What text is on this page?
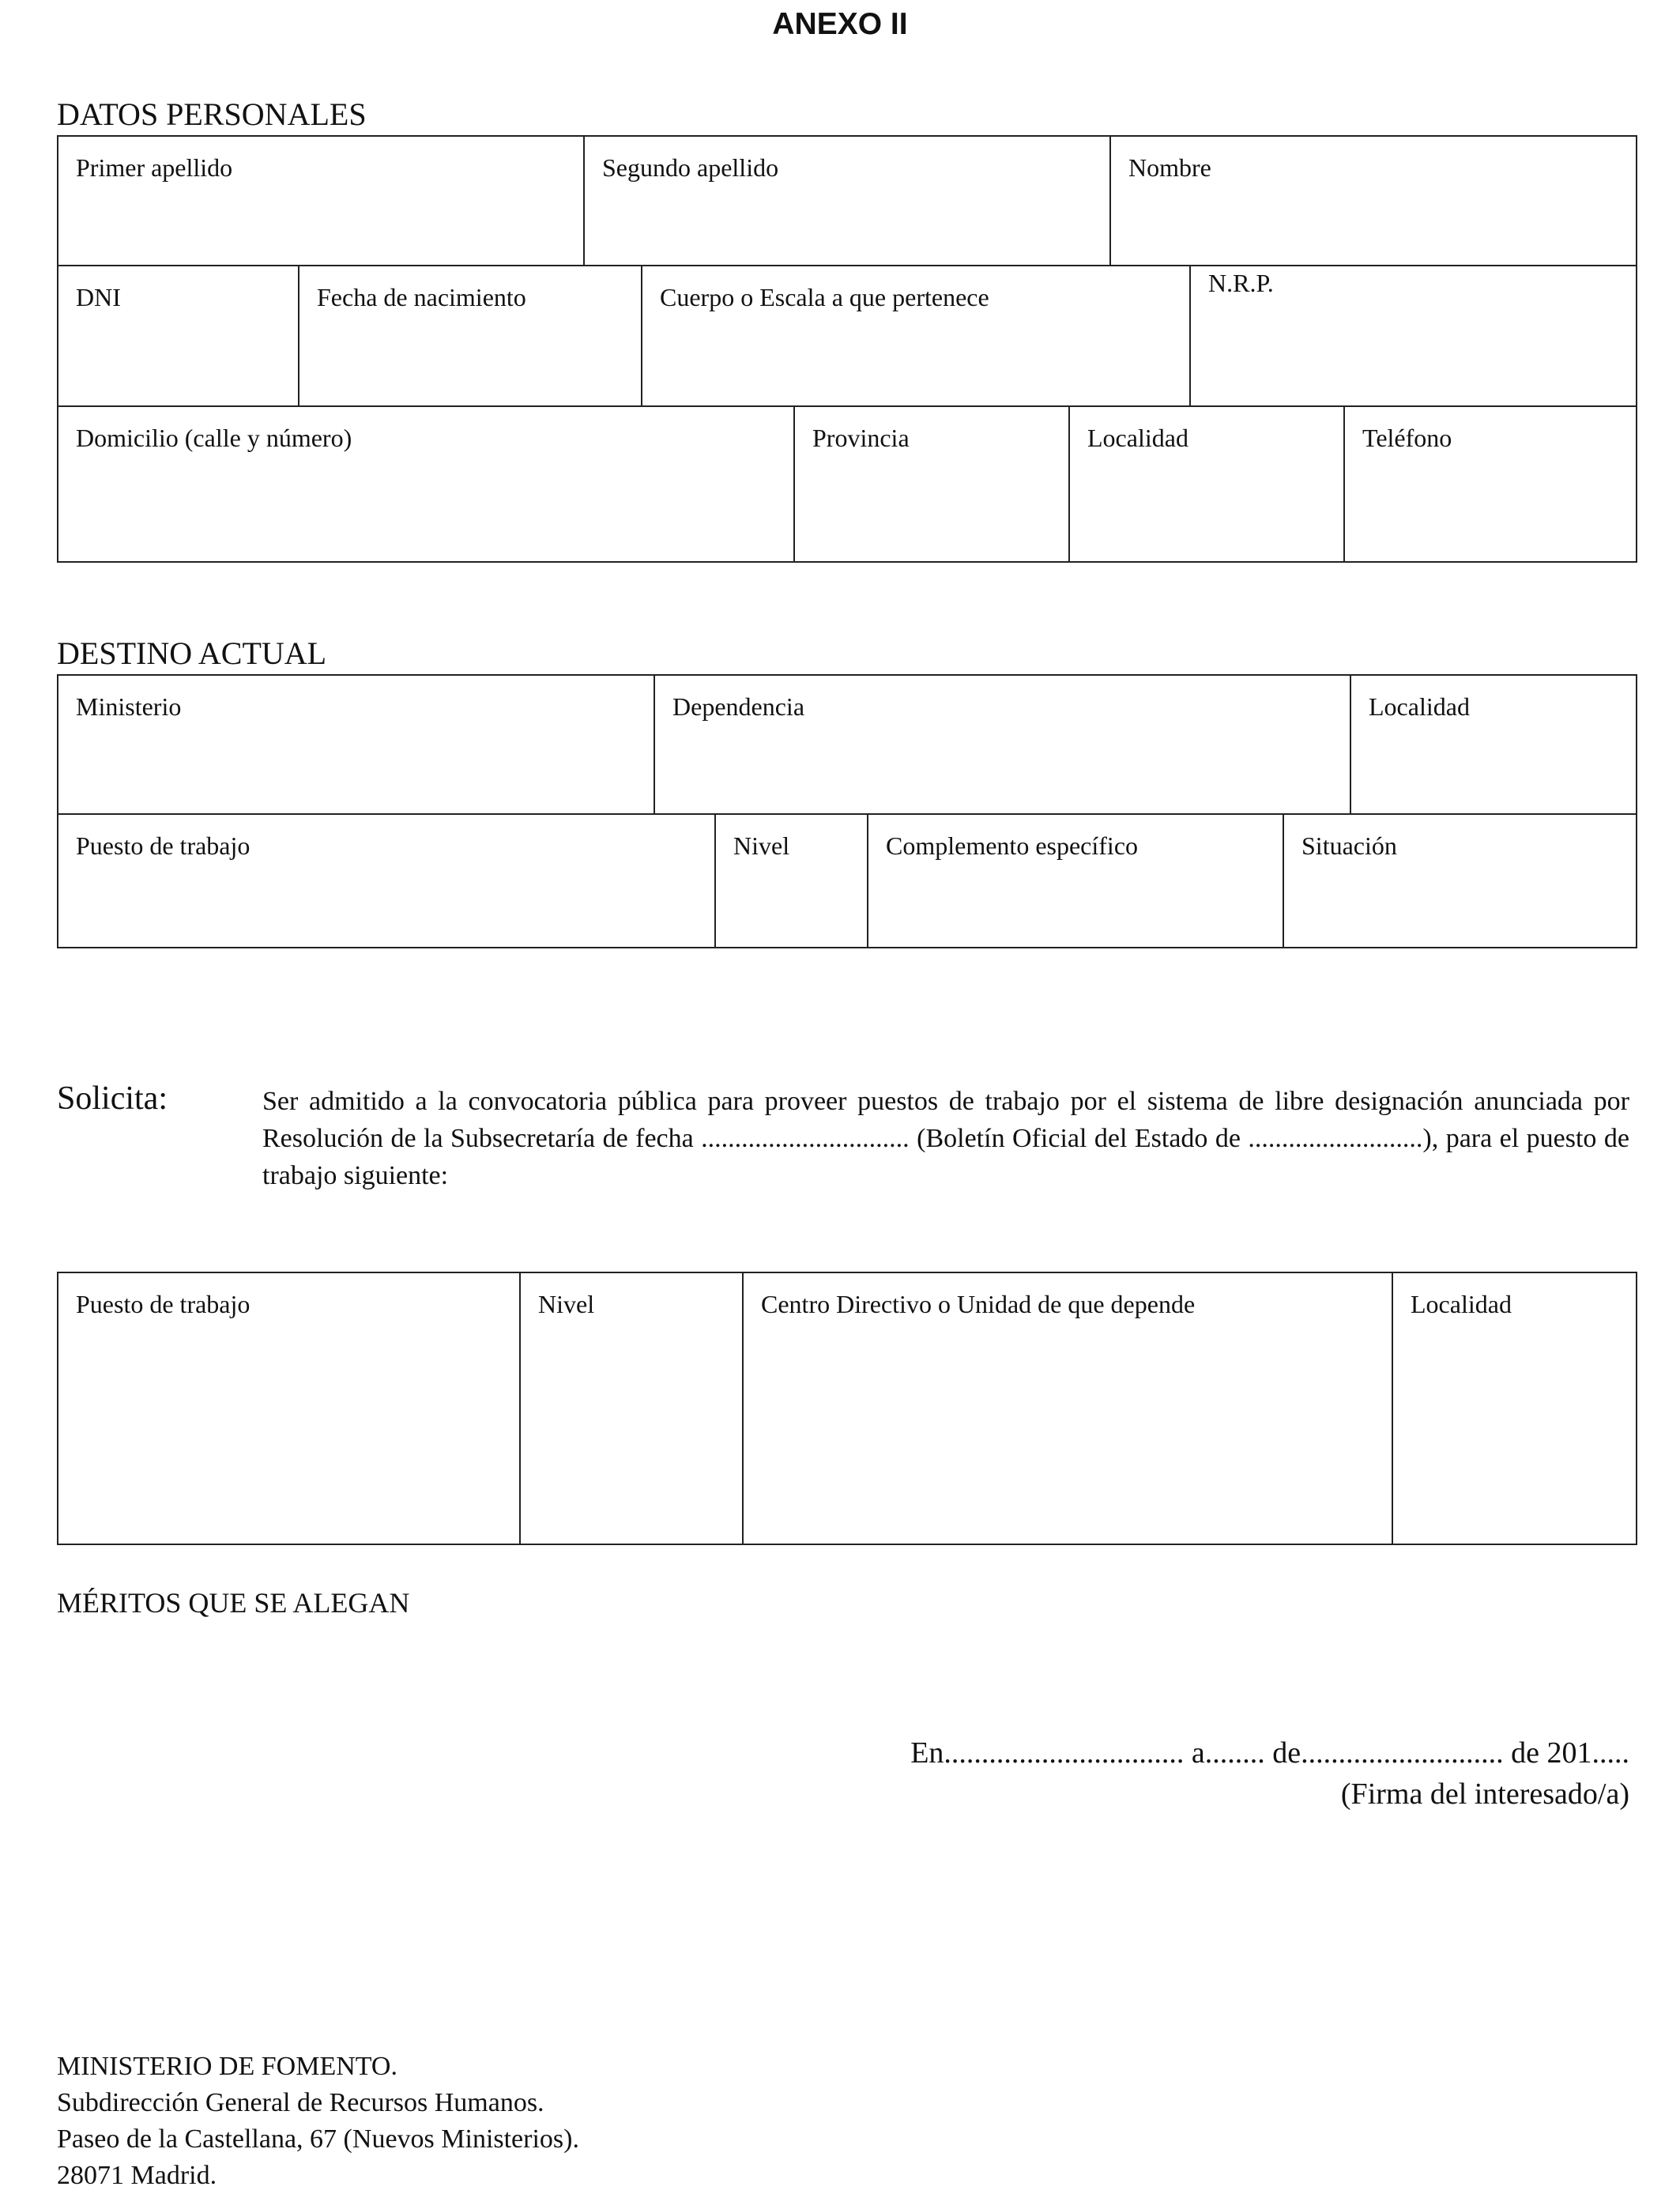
ANEXO II
DATOS PERSONALES
Primer apellido	Segundo apellido	Nombre
DNI	Fecha de nacimiento	Cuerpo o Escala a que pertenece	N.R.P.
Domicilio (calle y número)	Provincia	Localidad	Teléfono
DESTINO ACTUAL
Ministerio	Dependencia	Localidad
Puesto de trabajo	Nivel	Complemento específico	Situación
Solicita:	Ser admitido a la convocatoria pública para proveer puestos de trabajo por el sistema de libre designación anunciada por Resolución de la Subsecretaría de fecha ............................... (Boletín Oficial del Estado de ..........................), para el puesto de trabajo siguiente:
Puesto de trabajo	Nivel	Centro Directivo o Unidad de que depende	Localidad
MÉRITOS QUE SE ALEGAN
En................................ a........ de........................... de 201.....
(Firma del interesado/a)
MINISTERIO DE FOMENTO.
Subdirección General de Recursos Humanos.
Paseo de la Castellana, 67 (Nuevos Ministerios).
28071 Madrid.
